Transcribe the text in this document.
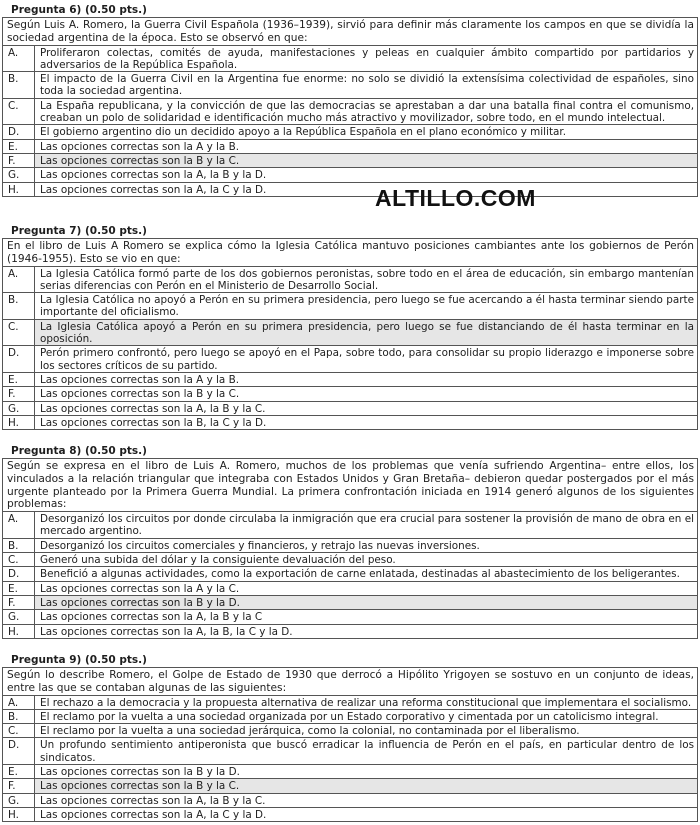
Pregunta 6) (0.50 pts.)
Según Luis A. Romero, la Guerra Civil Española (1936–1939), sirvió para definir más claramente los campos en que se dividía la sociedad argentina de la época. Esto se observó en que:
A.	Proliferaron colectas, comités de ayuda, manifestaciones y peleas en cualquier ámbito compartido por partidarios y adversarios de la República Española.

B.	El impacto de la Guerra Civil en la Argentina fue enorme: no solo se dividió la extensísima colectividad de españoles, sino toda la sociedad argentina.

C.	La España republicana, y la convicción de que las democracias se aprestaban a dar una batalla final contra el comunismo, creaban un polo de solidaridad e identificación mucho más atractivo y movilizador, sobre todo, en el mundo intelectual.

D.	El gobierno argentino dio un decidido apoyo a la República Española en el plano económico y militar.

E.	Las opciones correctas son la A y la B.

F.	Las opciones correctas son la B y la C.

G.	Las opciones correctas son la A, la B y la D.

H.	Las opciones correctas son la A, la C y la D.	ALTILLO.COM
Pregunta 7) (0.50 pts.)
En el libro de Luis A Romero se explica cómo la Iglesia Católica mantuvo posiciones cambiantes ante los gobiernos de Perón (1946-1955). Esto se vio en que:
A.	La Iglesia Católica formó parte de los dos gobiernos peronistas, sobre todo en el área de educación, sin embargo mantenían serias diferencias con Perón en el Ministerio de Desarrollo Social.

B.	La Iglesia Católica no apoyó a Perón en su primera presidencia, pero luego se fue acercando a él hasta terminar siendo parte importante del oficialismo.

C.	La Iglesia Católica apoyó a Perón en su primera presidencia, pero luego se fue distanciando de él hasta terminar en la oposición.

D.	Perón primero confrontó, pero luego se apoyó en el Papa, sobre todo, para consolidar su propio liderazgo e imponerse sobre los sectores críticos de su partido.

E.	Las opciones correctas son la A y la B.

F.	Las opciones correctas son la B y la C.

G.	Las opciones correctas son la A, la B y la C.

H.	Las opciones correctas son la B, la C y la D.
Pregunta 8) (0.50 pts.)
Según se expresa en el libro de Luis A. Romero, muchos de los problemas que venía sufriendo Argentina– entre ellos, los vinculados a la relación triangular que integraba con Estados Unidos y Gran Bretaña– debieron quedar postergados por el más urgente planteado por la Primera Guerra Mundial. La primera confrontación iniciada en 1914 generó algunos de los siguientes problemas:
A.	Desorganizó los circuitos por donde circulaba la inmigración que era crucial para sostener la provisión de mano de obra en el mercado argentino.

B.	Desorganizó los circuitos comerciales y financieros, y retrajo las nuevas inversiones.

C.	Generó una subida del dólar y la consiguiente devaluación del peso.

D.	Benefició a algunas actividades, como la exportación de carne enlatada, destinadas al abastecimiento de los beligerantes.

E.	Las opciones correctas son la A y la C.

F.	Las opciones correctas son la B y la D.

G.	Las opciones correctas son la A, la B y la C

H.	Las opciones correctas son la A, la B, la C y la D.
Pregunta 9) (0.50 pts.)
Según lo describe Romero, el Golpe de Estado de 1930 que derrocó a Hipólito Yrigoyen se sostuvo en un conjunto de ideas, entre las que se contaban algunas de las siguientes:
A.	El rechazo a la democracia y la propuesta alternativa de realizar una reforma constitucional que implementara el socialismo.

B.	El reclamo por la vuelta a una sociedad organizada por un Estado corporativo y cimentada por un catolicismo integral.

C.	El reclamo por la vuelta a una sociedad jerárquica, como la colonial, no contaminada por el liberalismo.

D.	Un profundo sentimiento antiperonista que buscó erradicar la influencia de Perón en el país, en particular dentro de los sindicatos.

E.	Las opciones correctas son la B y la D.

F.	Las opciones correctas son la B y la C.

G.	Las opciones correctas son la A, la B y la C.

H.	Las opciones correctas son la A, la C y la D.
